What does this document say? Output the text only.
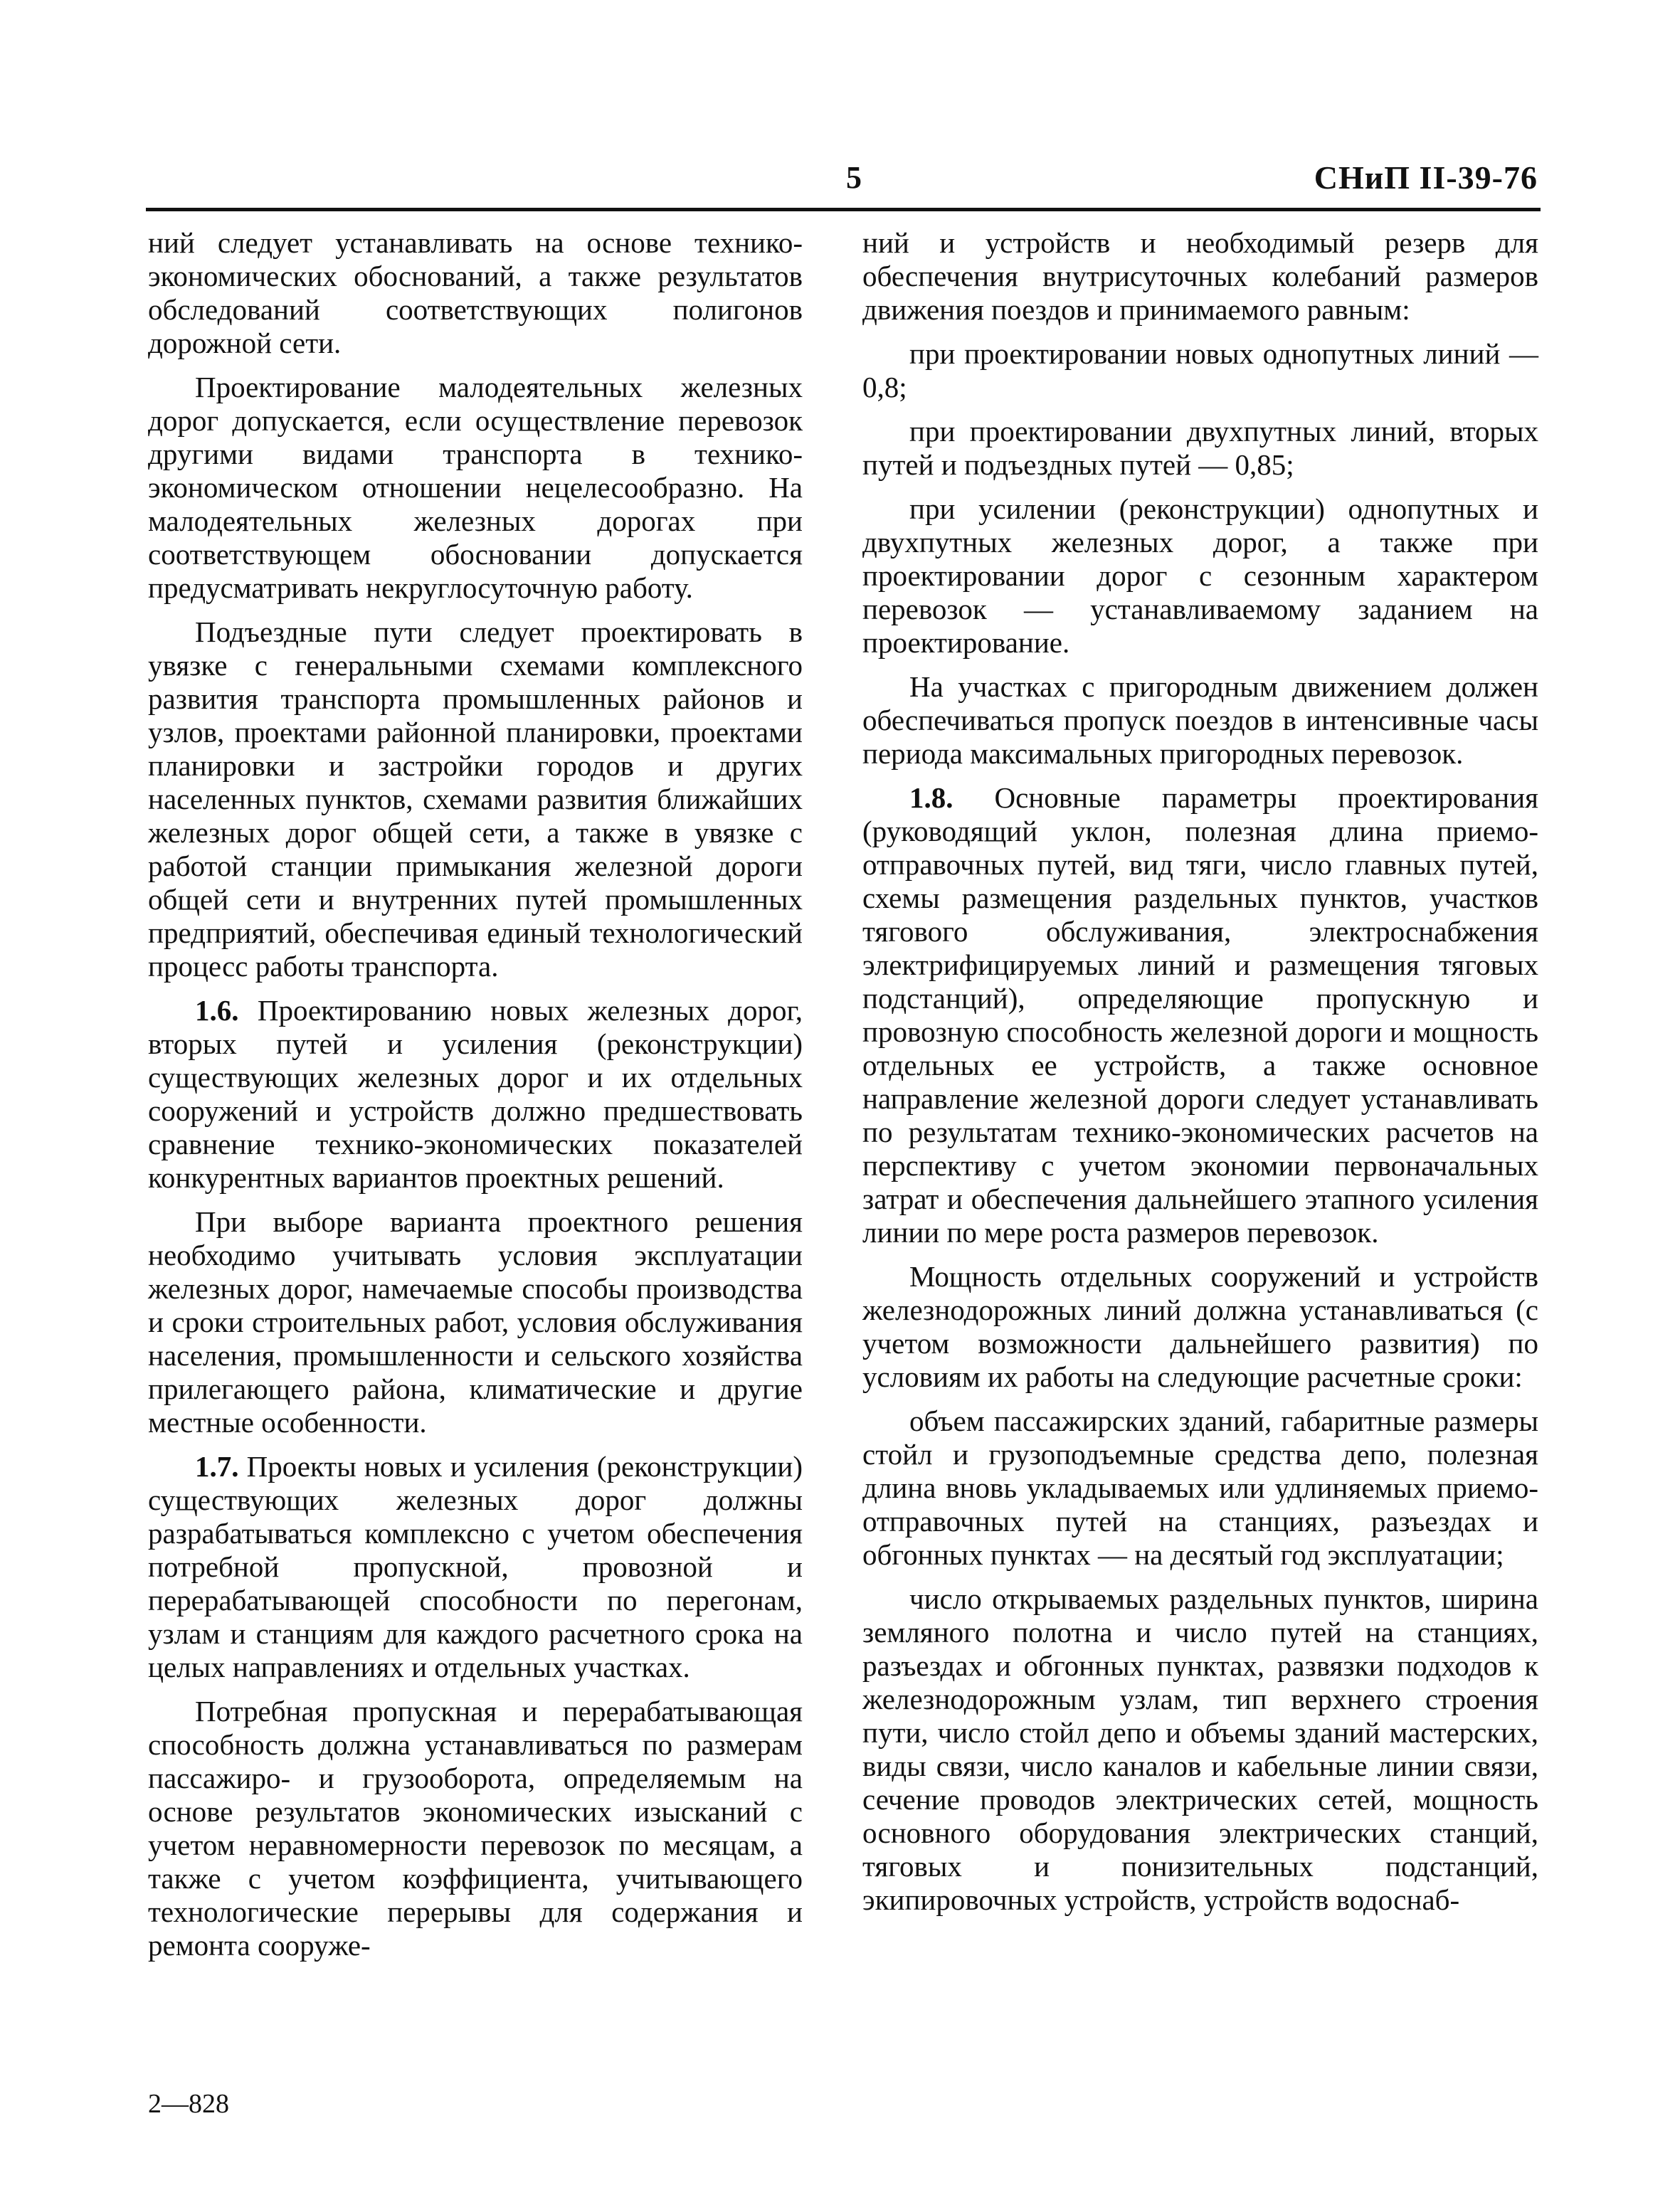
5	СНиП II-39-76

ний следует устанавливать на основе технико-экономических обоснований, а также результатов обследований соответствующих полигонов дорожной сети.

Проектирование малодеятельных железных дорог допускается, если осуществление перевозок другими видами транспорта в технико-экономическом отношении нецелесообразно. На малодеятельных железных дорогах при соответствующем обосновании допускается предусматривать некруглосуточную работу.

Подъездные пути следует проектировать в увязке с генеральными схемами комплексного развития транспорта промышленных районов и узлов, проектами районной планировки, проектами планировки и застройки городов и других населенных пунктов, схемами развития ближайших железных дорог общей сети, а также в увязке с работой станции примыкания железной дороги общей сети и внутренних путей промышленных предприятий, обеспечивая единый технологический процесс работы транспорта.

1.6. Проектированию новых железных дорог, вторых путей и усиления (реконструкции) существующих железных дорог и их отдельных сооружений и устройств должно предшествовать сравнение технико-экономических показателей конкурентных вариантов проектных решений.

При выборе варианта проектного решения необходимо учитывать условия эксплуатации железных дорог, намечаемые способы производства и сроки строительных работ, условия обслуживания населения, промышленности и сельского хозяйства прилегающего района, климатические и другие местные особенности.

1.7. Проекты новых и усиления (реконструкции) существующих железных дорог должны разрабатываться комплексно с учетом обеспечения потребной пропускной, провозной и перерабатывающей способности по перегонам, узлам и станциям для каждого расчетного срока на целых направлениях и отдельных участках.

Потребная пропускная и перерабатывающая способность должна устанавливаться по размерам пассажиро- и грузооборота, определяемым на основе результатов экономических изысканий с учетом неравномерности перевозок по месяцам, а также с учетом коэффициента, учитывающего технологические перерывы для содержания и ремонта сооруже-

ний и устройств и необходимый резерв для обеспечения внутрисуточных колебаний размеров движения поездов и принимаемого равным:

при проектировании новых однопутных линий — 0,8;

при проектировании двухпутных линий, вторых путей и подъездных путей — 0,85;

при усилении (реконструкции) однопутных и двухпутных железных дорог, а также при проектировании дорог с сезонным характером перевозок — устанавливаемому заданием на проектирование.

На участках с пригородным движением должен обеспечиваться пропуск поездов в интенсивные часы периода максимальных пригородных перевозок.

1.8. Основные параметры проектирования (руководящий уклон, полезная длина приемо-отправочных путей, вид тяги, число главных путей, схемы размещения раздельных пунктов, участков тягового обслуживания, электроснабжения электрифицируемых линий и размещения тяговых подстанций), определяющие пропускную и провозную способность железной дороги и мощность отдельных ее устройств, а также основное направление железной дороги следует устанавливать по результатам технико-экономических расчетов на перспективу с учетом экономии первоначальных затрат и обеспечения дальнейшего этапного усиления линии по мере роста размеров перевозок.

Мощность отдельных сооружений и устройств железнодорожных линий должна устанавливаться (с учетом возможности дальнейшего развития) по условиям их работы на следующие расчетные сроки:

объем пассажирских зданий, габаритные размеры стойл и грузоподъемные средства депо, полезная длина вновь укладываемых или удлиняемых приемо-отправочных путей на станциях, разъездах и обгонных пунктах — на десятый год эксплуатации;

число открываемых раздельных пунктов, ширина земляного полотна и число путей на станциях, разъездах и обгонных пунктах, развязки подходов к железнодорожным узлам, тип верхнего строения пути, число стойл депо и объемы зданий мастерских, виды связи, число каналов и кабельные линии связи, сечение проводов электрических сетей, мощность основного оборудования электрических станций, тяговых и понизительных подстанций, экипировочных устройств, устройств водоснаб-

2—828
